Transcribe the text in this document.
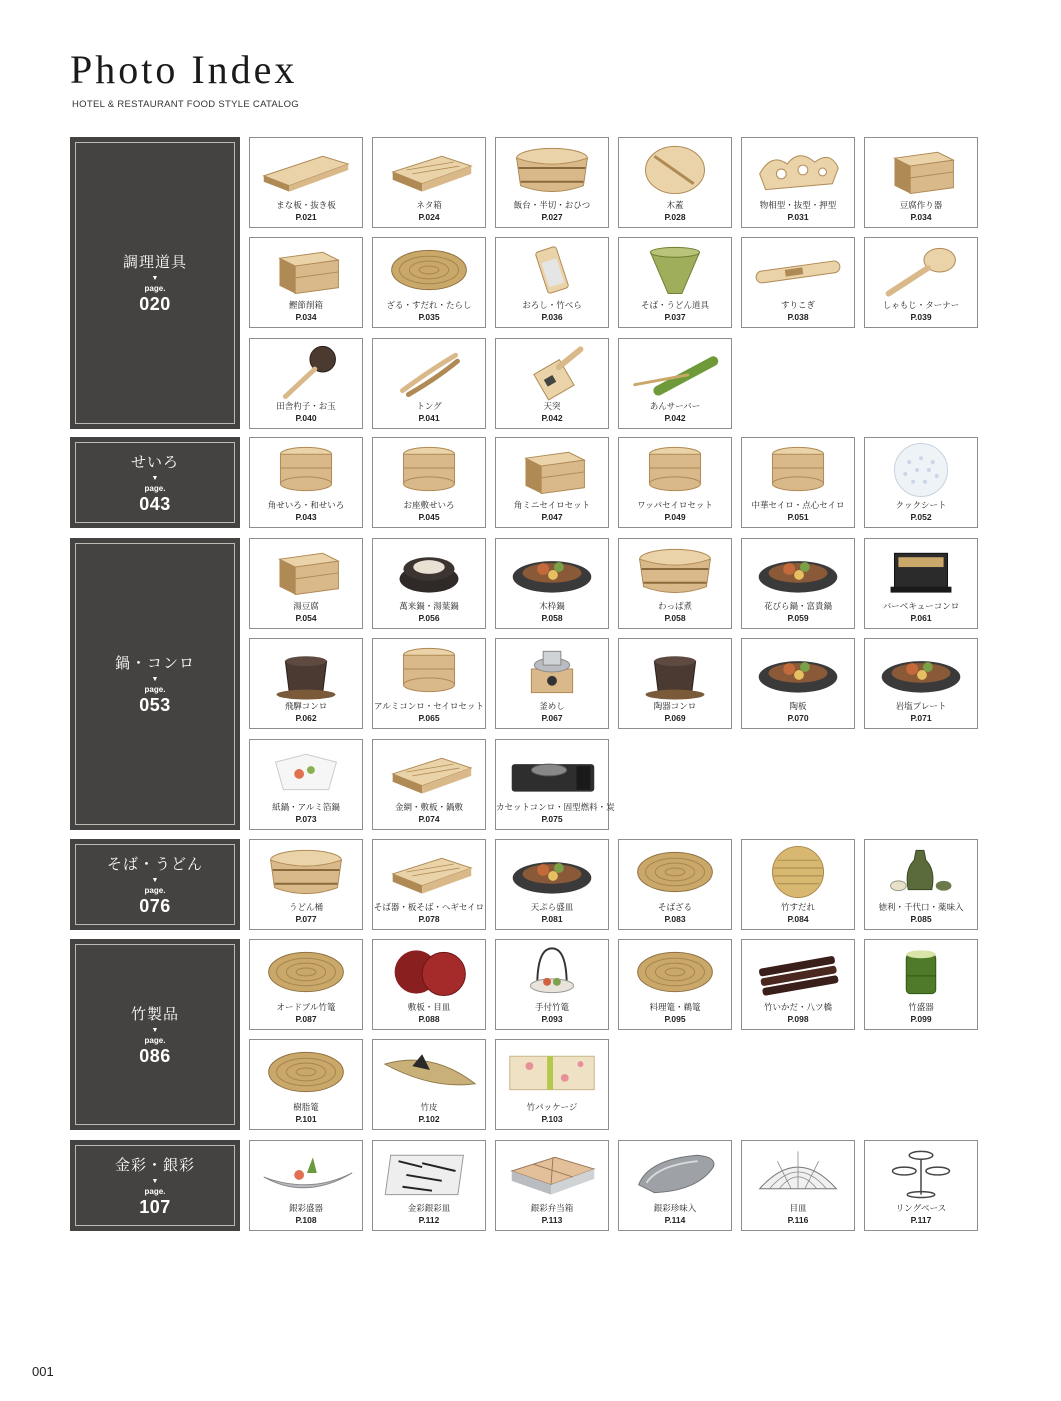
Photo Index
HOTEL & RESTAURANT FOOD STYLE CATALOG
調理道具
▼
page.
020
まな板・抜き板
P.021
ネタ箱
P.024
飯台・半切・おひつ
P.027
木蓋
P.028
物相型・抜型・押型
P.031
豆腐作り器
P.034
鰹節削箱
P.034
ざる・すだれ・たらし
P.035
おろし・竹べら
P.036
そば・うどん道具
P.037
すりこぎ
P.038
しゃもじ・ターナー
P.039
田舎杓子・お玉
P.040
トング
P.041
天突
P.042
あんサーバー
P.042
せいろ
▼
page.
043	角せいろ・和せいろ
P.043
お座敷せいろ
P.045
角ミニセイロセット
P.047
ワッパセイロセット
P.049
中華セイロ・点心セイロ
P.051
クックシート
P.052
鍋・コンロ
▼
page.
053
湯豆腐
P.054
萬来鍋・湯葉鍋
P.056
木枠鍋
P.058
わっぱ煮
P.058
花びら鍋・富貴鍋
P.059
バーベキューコンロ
P.061
飛騨コンロ
P.062
アルミコンロ・セイロセット
P.065
釜めし
P.067
陶器コンロ
P.069
陶板
P.070
岩塩プレート
P.071
紙鍋・アルミ箔鍋
P.073
金網・敷板・鍋敷
P.074
カセットコンロ・固型燃料・炭
P.075
そば・うどん
▼
page.
076	うどん桶
P.077
そば器・板そば・ヘギセイロ
P.078
天ぷら盛皿
P.081
そばざる
P.083
竹すだれ
P.084
徳利・千代口・薬味入
P.085
竹製品
▼
page.
086
オードブル竹篭
P.087
敷板・目皿
P.088
手付竹篭
P.093
料理篭・鵜篭
P.095
竹いかだ・八ツ橋
P.098
竹盛器
P.099
樹脂篭
P.101
竹皮
P.102
竹パッケージ
P.103
金彩・銀彩
▼
page.
107	銀彩盛器
P.108
金彩銀彩皿
P.112
銀彩弁当箱
P.113
銀彩珍味入
P.114
目皿
P.116
リングベース
P.117
001
